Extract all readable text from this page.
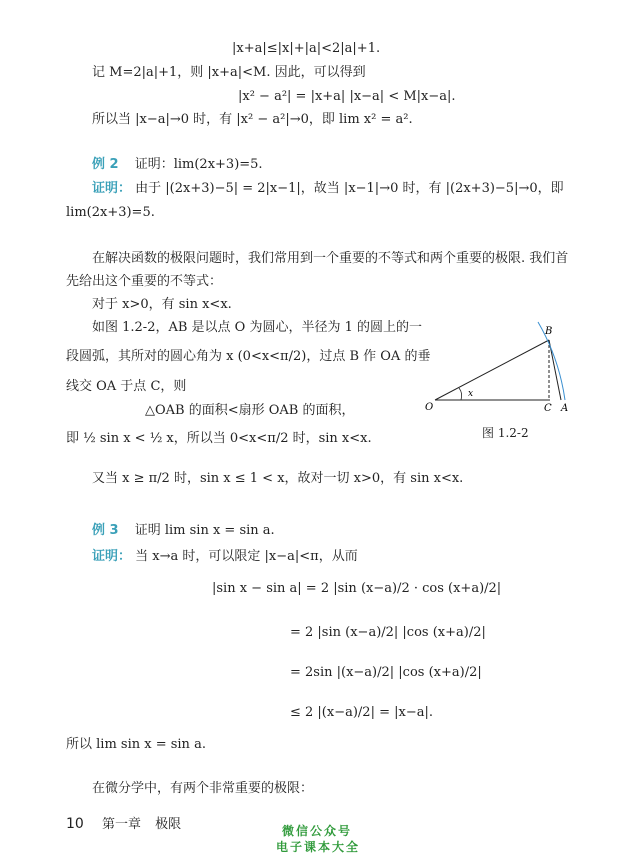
|x+a|≤|x|+|a|<2|a|+1.
记 M=2|a|+1，则 |x+a|<M. 因此，可以得到
|x² − a²| = |x+a| |x−a| < M|x−a|.
所以当 |x−a|→0 时，有 |x² − a²|→0，即 lim x² = a².
例 2 证明：lim(2x+3)=5.
证明： 由于 |(2x+3)−5| = 2|x−1|，故当 |x−1|→0 时，有 |(2x+3)−5|→0，即
lim(2x+3)=5.
在解决函数的极限问题时，我们常用到一个重要的不等式和两个重要的极限. 我们首
先给出这个重要的不等式：
对于 x>0，有 sin x<x.
如图 1.2-2，AB 是以点 O 为圆心，半径为 1 的圆上的一
段圆弧，其所对的圆心角为 x (0<x<π/2)，过点 B 作 OA 的垂
线交 OA 于点 C，则
△OAB 的面积<扇形 OAB 的面积，
即 ½ sin x < ½ x，所以当 0<x<π/2 时，sin x<x.
又当 x ≥ π/2 时，sin x ≤ 1 < x，故对一切 x>0，有 sin x<x.
O
B
C A
x
图 1.2-2
例 3 证明 lim sin x = sin a.
证明： 当 x→a 时，可以限定 |x−a|<π，从而
|sin x − sin a| = 2 |sin (x−a)/2 · cos (x+a)/2|
= 2 |sin (x−a)/2| |cos (x+a)/2|
= 2sin |(x−a)/2| |cos (x+a)/2|
≤ 2 |(x−a)/2| = |x−a|.
所以 lim sin x = sin a.
在微分学中，有两个非常重要的极限：
10 第一章 极限	微信公众号
电子课本大全
